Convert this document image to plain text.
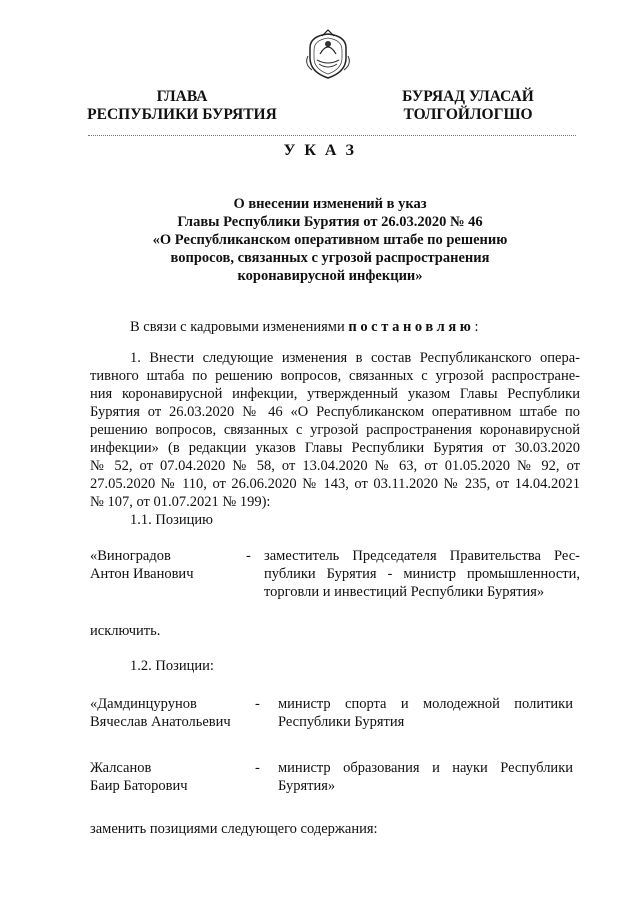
ГЛАВА
РЕСПУБЛИКИ БУРЯТИЯ
БУРЯАД УЛАСАЙ
ТОЛГОЙЛОГШО
У К А З
О внесении изменений в указ
Главы Республики Бурятия от 26.03.2020 № 46
«О Республиканском оперативном штабе по решению
вопросов, связанных с угрозой распространения
коронавирусной инфекции»
В связи с кадровыми изменениями постановляю:
1. Внести следующие изменения в состав Республиканского опера-
тивного штаба по решению вопросов, связанных с угрозой распростране-
ния коронавирусной инфекции, утвержденный указом Главы Республики
Бурятия от 26.03.2020 № 46 «О Республиканском оперативном штабе по
решению вопросов, связанных с угрозой распространения коронавирусной
инфекции» (в редакции указов Главы Республики Бурятия от 30.03.2020
№ 52, от 07.04.2020 № 58, от 13.04.2020 № 63, от 01.05.2020 № 92, от
27.05.2020 № 110, от 26.06.2020 № 143, от 03.11.2020 № 235, от 14.04.2021
№ 107, от 01.07.2021 № 199):
1.1. Позицию
«Виноградов
Антон Иванович
- заместитель Председателя Правительства Рес-
публики Бурятия - министр промышленности,
торговли и инвестиций Республики Бурятия»
исключить.
1.2. Позиции:
«Дамдинцурунов
Вячеслав Анатольевич
- министр спорта и молодежной политики
Республики Бурятия
Жалсанов
Баир Баторович
- министр образования и науки Республики
Бурятия»
заменить позициями следующего содержания:
